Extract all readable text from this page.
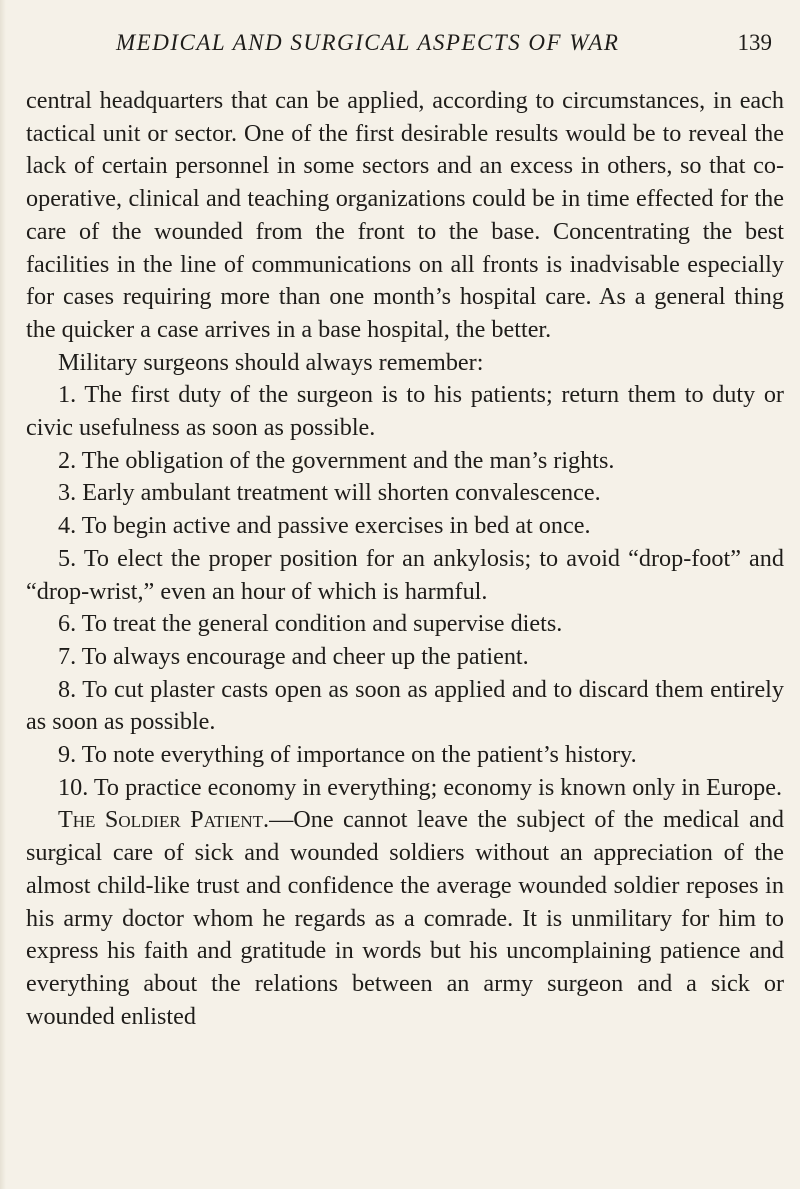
MEDICAL AND SURGICAL ASPECTS OF WAR	139

central headquarters that can be applied, according to circumstances, in each tactical unit or sector. One of the first desirable results would be to reveal the lack of certain personnel in some sectors and an excess in others, so that co-operative, clinical and teaching organizations could be in time effected for the care of the wounded from the front to the base. Concentrating the best facilities in the line of communications on all fronts is inadvisable especially for cases requiring more than one month’s hospital care. As a general thing the quicker a case arrives in a base hospital, the better.

Military surgeons should always remember:

1. The first duty of the surgeon is to his patients; return them to duty or civic usefulness as soon as possible.

2. The obligation of the government and the man’s rights.

3. Early ambulant treatment will shorten convalescence.

4. To begin active and passive exercises in bed at once.

5. To elect the proper position for an ankylosis; to avoid “drop-foot” and “drop-wrist,” even an hour of which is harmful.

6. To treat the general condition and supervise diets.

7. To always encourage and cheer up the patient.

8. To cut plaster casts open as soon as applied and to discard them entirely as soon as possible.

9. To note everything of importance on the patient’s history.

10. To practice economy in everything; economy is known only in Europe.

The Soldier Patient.—One cannot leave the subject of the medical and surgical care of sick and wounded soldiers without an appreciation of the almost child-like trust and confidence the average wounded soldier reposes in his army doctor whom he regards as a comrade. It is unmilitary for him to express his faith and gratitude in words but his uncomplaining patience and everything about the relations between an army surgeon and a sick or wounded enlisted
